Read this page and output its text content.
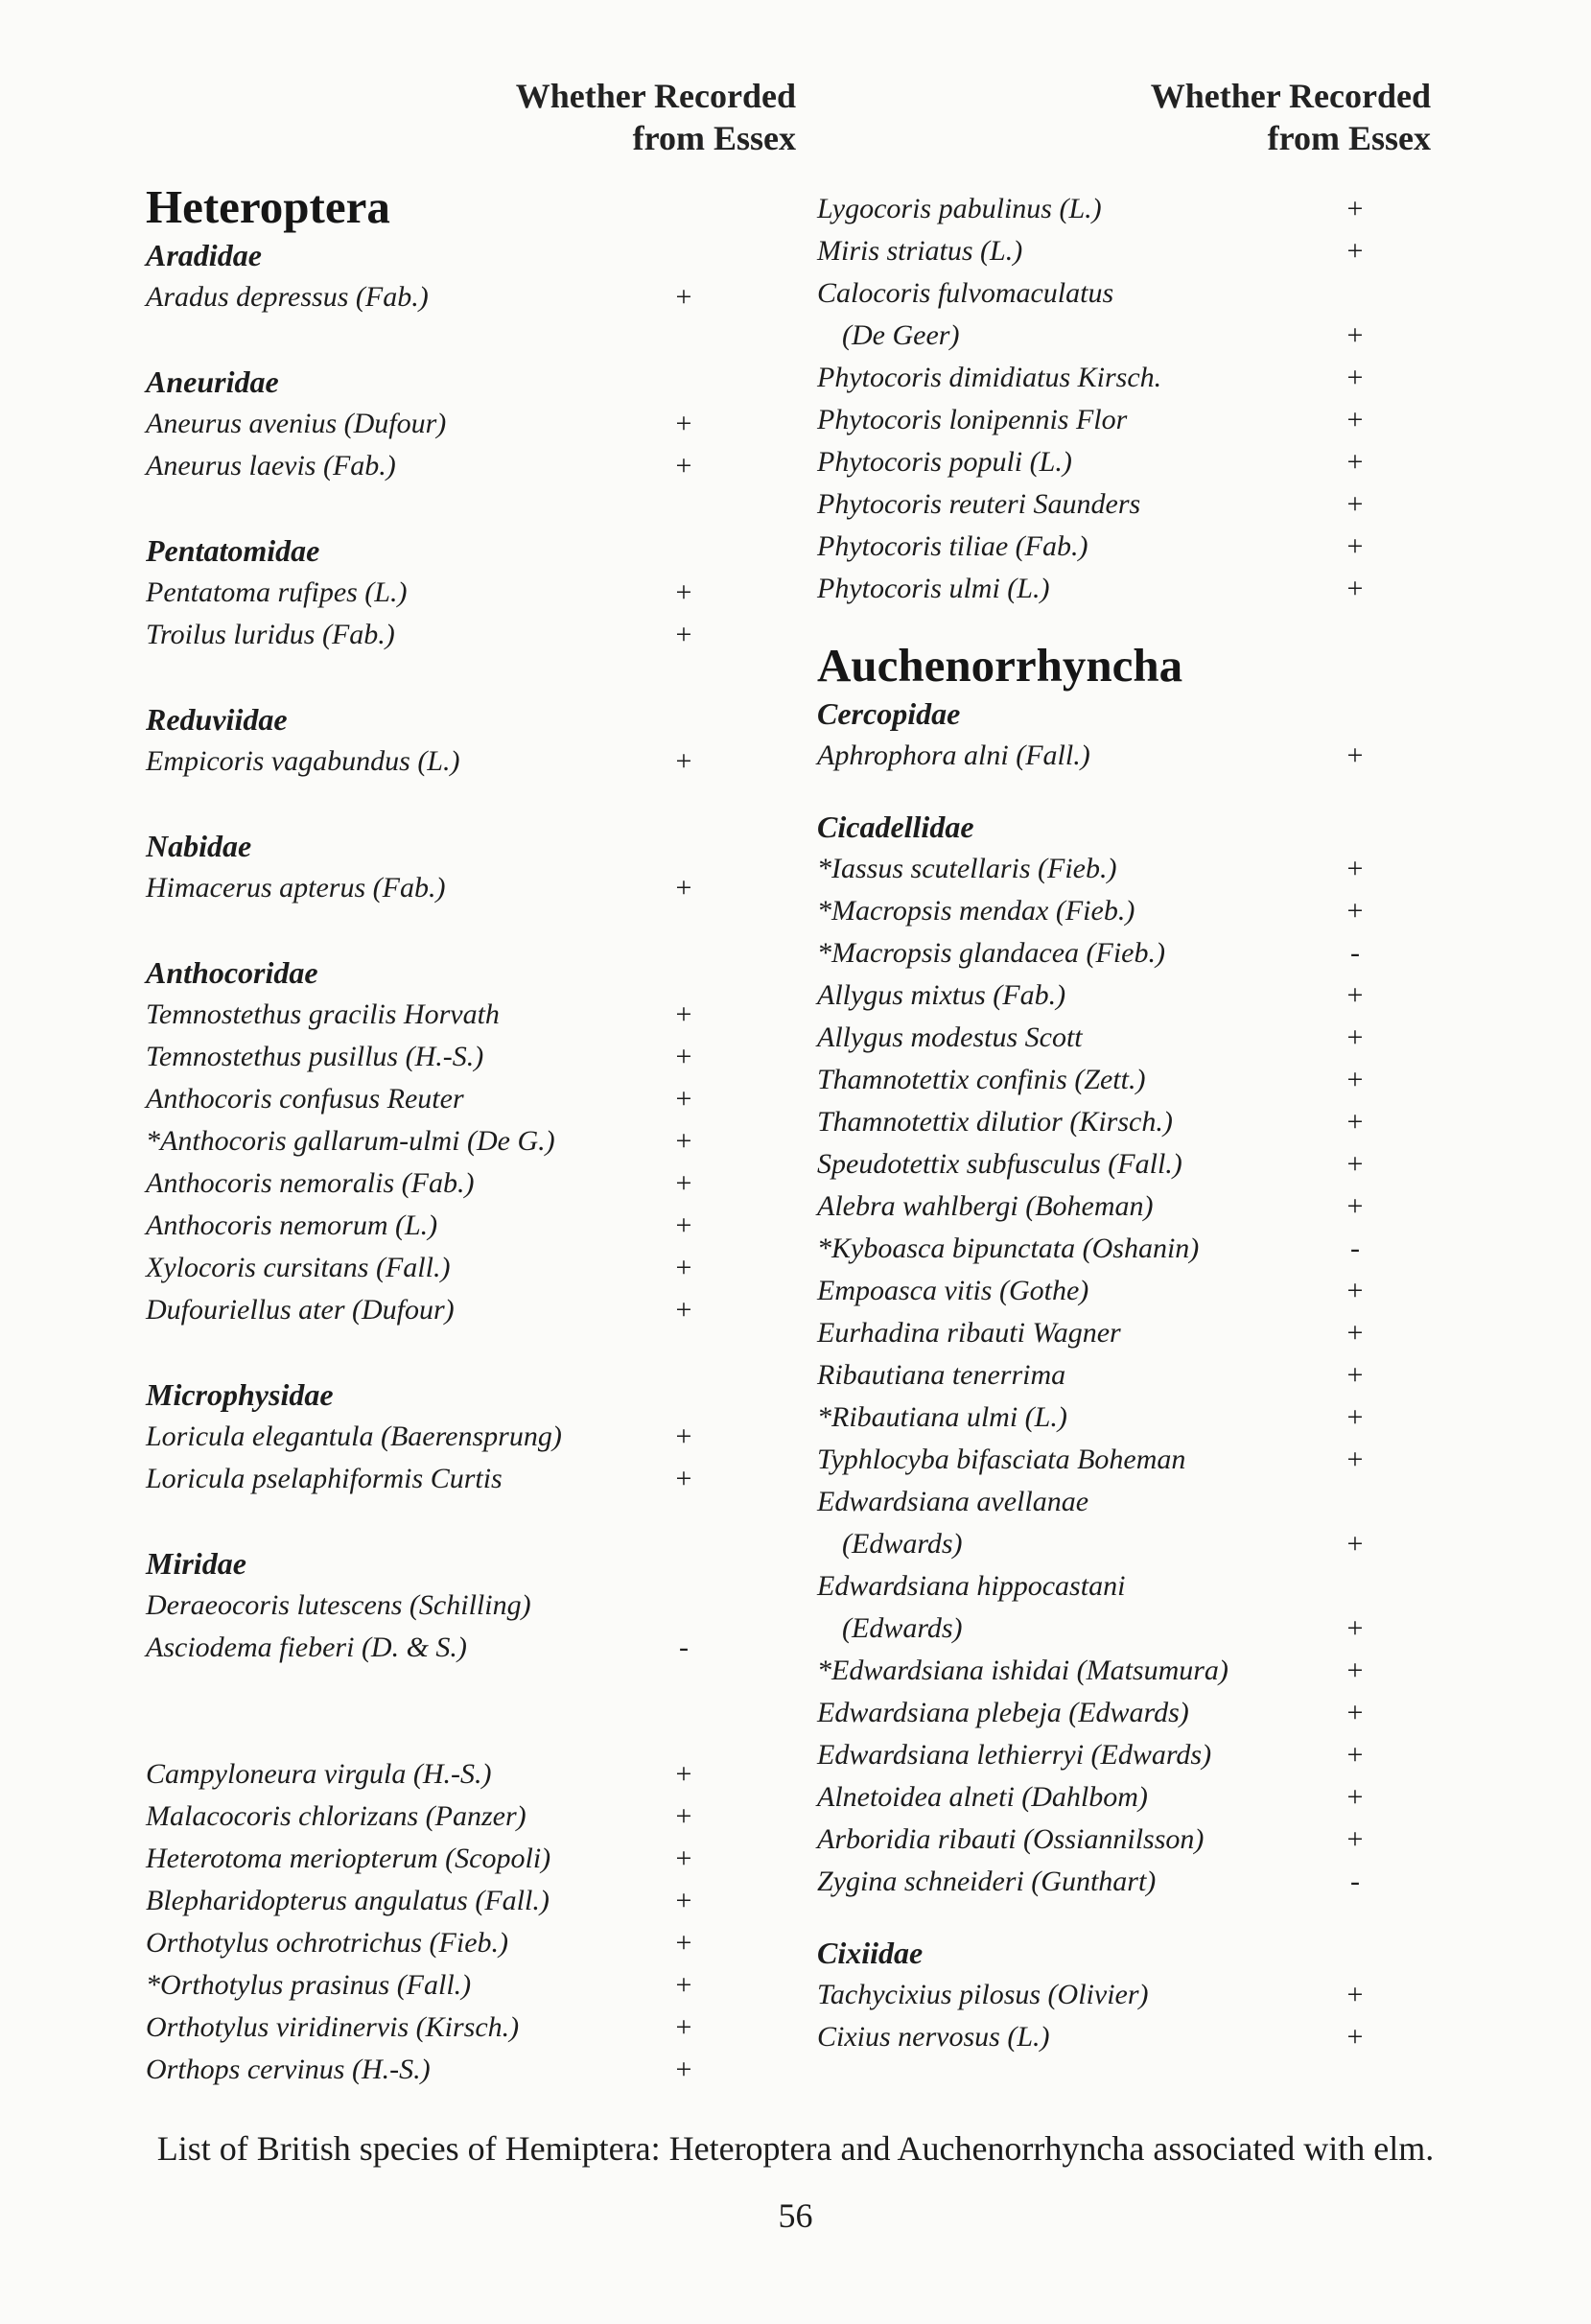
Whether Recorded
from Essex
Whether Recorded
from Essex
Heteroptera
Aradidae
Aradus depressus (Fab.)	+
Aneuridae
Aneurus avenius (Dufour)	+
Aneurus laevis (Fab.)	+
Pentatomidae
Pentatoma rufipes (L.)	+
Troilus luridus (Fab.)	+
Reduviidae
Empicoris vagabundus (L.)	+
Nabidae
Himacerus apterus (Fab.)	+
Anthocoridae
Temnostethus gracilis Horvath	+
Temnostethus pusillus (H.-S.)	+
Anthocoris confusus Reuter	+
*Anthocoris gallarum-ulmi (De G.)	+
Anthocoris nemoralis (Fab.)	+
Anthocoris nemorum (L.)	+
Xylocoris cursitans (Fall.)	+
Dufouriellus ater (Dufour)	+
Microphysidae
Loricula elegantula (Baerensprung)	+
Loricula pselaphiformis Curtis	+
Miridae
Deraeocoris lutescens (Schilling)
Asciodema fieberi (D. & S.)	-
Campyloneura virgula (H.-S.)	+
Malacocoris chlorizans (Panzer)	+
Heterotoma meriopterum (Scopoli)	+
Blepharidopterus angulatus (Fall.)	+
Orthotylus ochrotrichus (Fieb.)	+
*Orthotylus prasinus (Fall.)	+
Orthotylus viridinervis (Kirsch.)	+
Orthops cervinus (H.-S.)	+
Lygocoris pabulinus (L.)	+
Miris striatus (L.)	+
Calocoris fulvomaculatus
(De Geer)	+
Phytocoris dimidiatus Kirsch.	+
Phytocoris lonipennis Flor	+
Phytocoris populi (L.)	+
Phytocoris reuteri Saunders	+
Phytocoris tiliae (Fab.)	+
Phytocoris ulmi (L.)	+
Auchenorrhyncha
Cercopidae
Aphrophora alni (Fall.)	+
Cicadellidae
*Iassus scutellaris (Fieb.)	+
*Macropsis mendax (Fieb.)	+
*Macropsis glandacea (Fieb.)	-
Allygus mixtus (Fab.)	+
Allygus modestus Scott	+
Thamnotettix confinis (Zett.)	+
Thamnotettix dilutior (Kirsch.)	+
Speudotettix subfusculus (Fall.)	+
Alebra wahlbergi (Boheman)	+
*Kyboasca bipunctata (Oshanin)	-
Empoasca vitis (Gothe)	+
Eurhadina ribauti Wagner	+
Ribautiana tenerrima	+
*Ribautiana ulmi (L.)	+
Typhlocyba bifasciata Boheman	+
Edwardsiana avellanae
(Edwards)	+
Edwardsiana hippocastani
(Edwards)	+
*Edwardsiana ishidai (Matsumura)	+
Edwardsiana plebeja (Edwards)	+
Edwardsiana lethierryi (Edwards)	+
Alnetoidea alneti (Dahlbom)	+
Arboridia ribauti (Ossiannilsson)	+
Zygina schneideri (Gunthart)	-
Cixiidae
Tachycixius pilosus (Olivier)	+
Cixius nervosus (L.)	+
List of British species of Hemiptera: Heteroptera and Auchenorrhyncha associated with elm.
56
